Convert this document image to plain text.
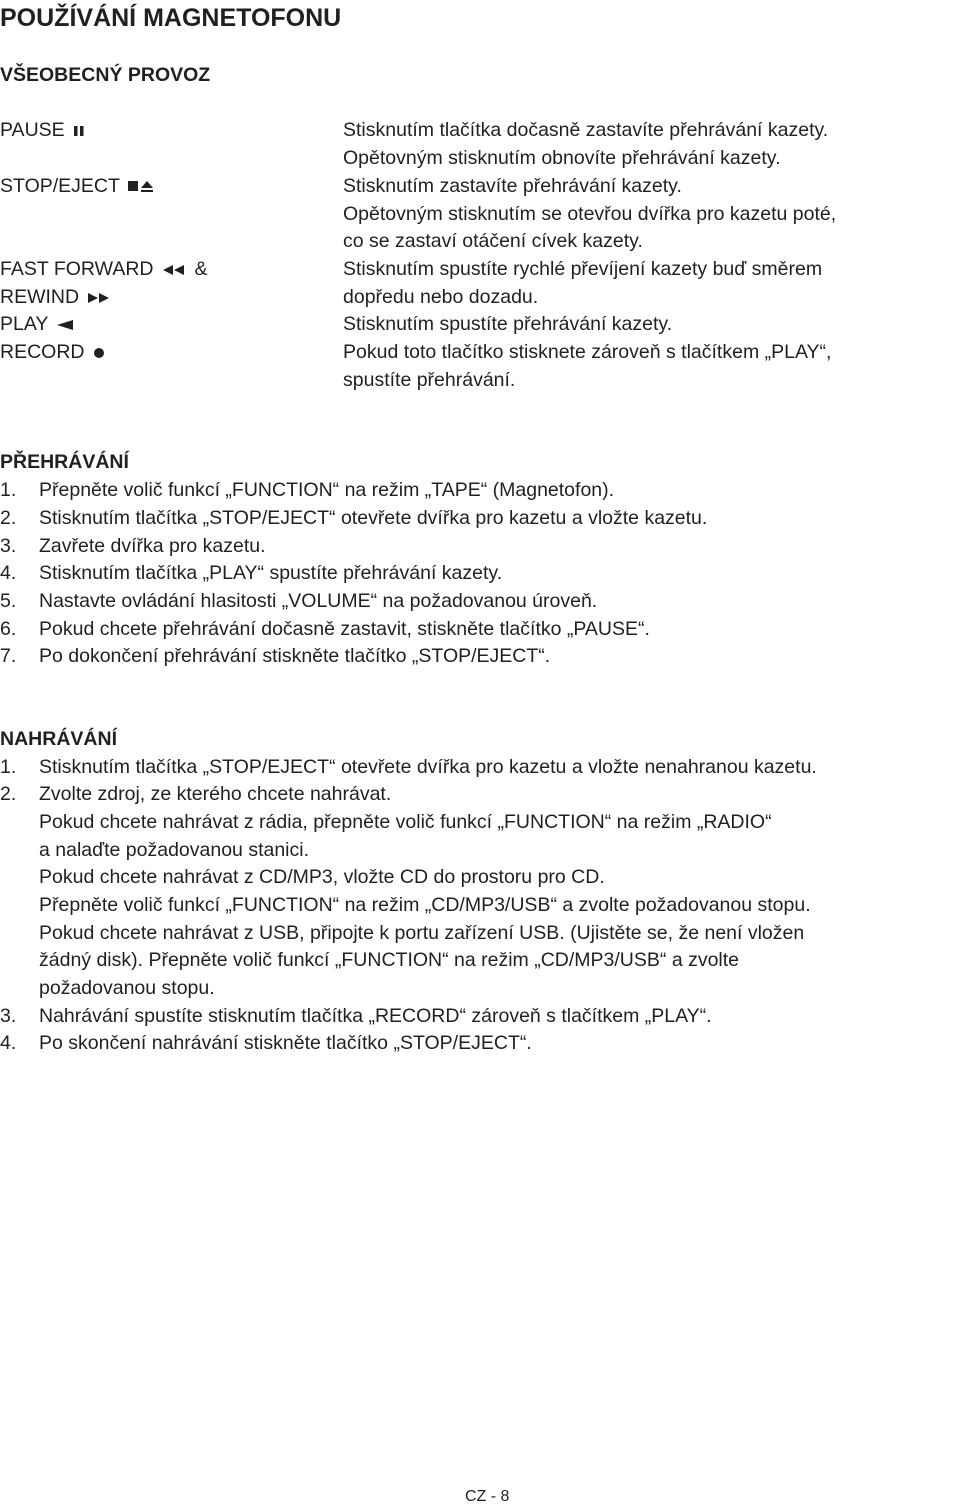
POUŽÍVÁNÍ MAGNETOFONU
VŠEOBECNÝ PROVOZ
PAUSE
STOP/EJECT
FAST FORWARD &
REWIND
PLAY
RECORD
Stisknutím tlačítka dočasně zastavíte přehrávání kazety.
Opětovným stisknutím obnovíte přehrávání kazety.
Stisknutím zastavíte přehrávání kazety.
Opětovným stisknutím se otevřou dvířka pro kazetu poté,
co se zastaví otáčení cívek kazety.
Stisknutím spustíte rychlé převíjení kazety buď směrem
dopředu nebo dozadu.
Stisknutím spustíte přehrávání kazety.
Pokud toto tlačítko stisknete zároveň s tlačítkem „PLAY“,
spustíte přehrávání.
PŘEHRÁVÁNÍ
1. Přepněte volič funkcí „FUNCTION“ na režim „TAPE“ (Magnetofon).
2. Stisknutím tlačítka „STOP/EJECT“ otevřete dvířka pro kazetu a vložte kazetu.
3. Zavřete dvířka pro kazetu.
4. Stisknutím tlačítka „PLAY“ spustíte přehrávání kazety.
5. Nastavte ovládání hlasitosti „VOLUME“ na požadovanou úroveň.
6. Pokud chcete přehrávání dočasně zastavit, stiskněte tlačítko „PAUSE“.
7. Po dokončení přehrávání stiskněte tlačítko „STOP/EJECT“.
NAHRÁVÁNÍ
1. Stisknutím tlačítka „STOP/EJECT“ otevřete dvířka pro kazetu a vložte nenahranou kazetu.
2. Zvolte zdroj, ze kterého chcete nahrávat.
Pokud chcete nahrávat z rádia, přepněte volič funkcí „FUNCTION“ na režim „RADIO“
a nalaďte požadovanou stanici.
Pokud chcete nahrávat z CD/MP3, vložte CD do prostoru pro CD.
Přepněte volič funkcí „FUNCTION“ na režim „CD/MP3/USB“ a zvolte požadovanou stopu.
Pokud chcete nahrávat z USB, připojte k portu zařízení USB. (Ujistěte se, že není vložen
žádný disk). Přepněte volič funkcí „FUNCTION“ na režim „CD/MP3/USB“ a zvolte
požadovanou stopu.
3. Nahrávání spustíte stisknutím tlačítka „RECORD“ zároveň s tlačítkem „PLAY“.
4. Po skončení nahrávání stiskněte tlačítko „STOP/EJECT“.
CZ - 8
